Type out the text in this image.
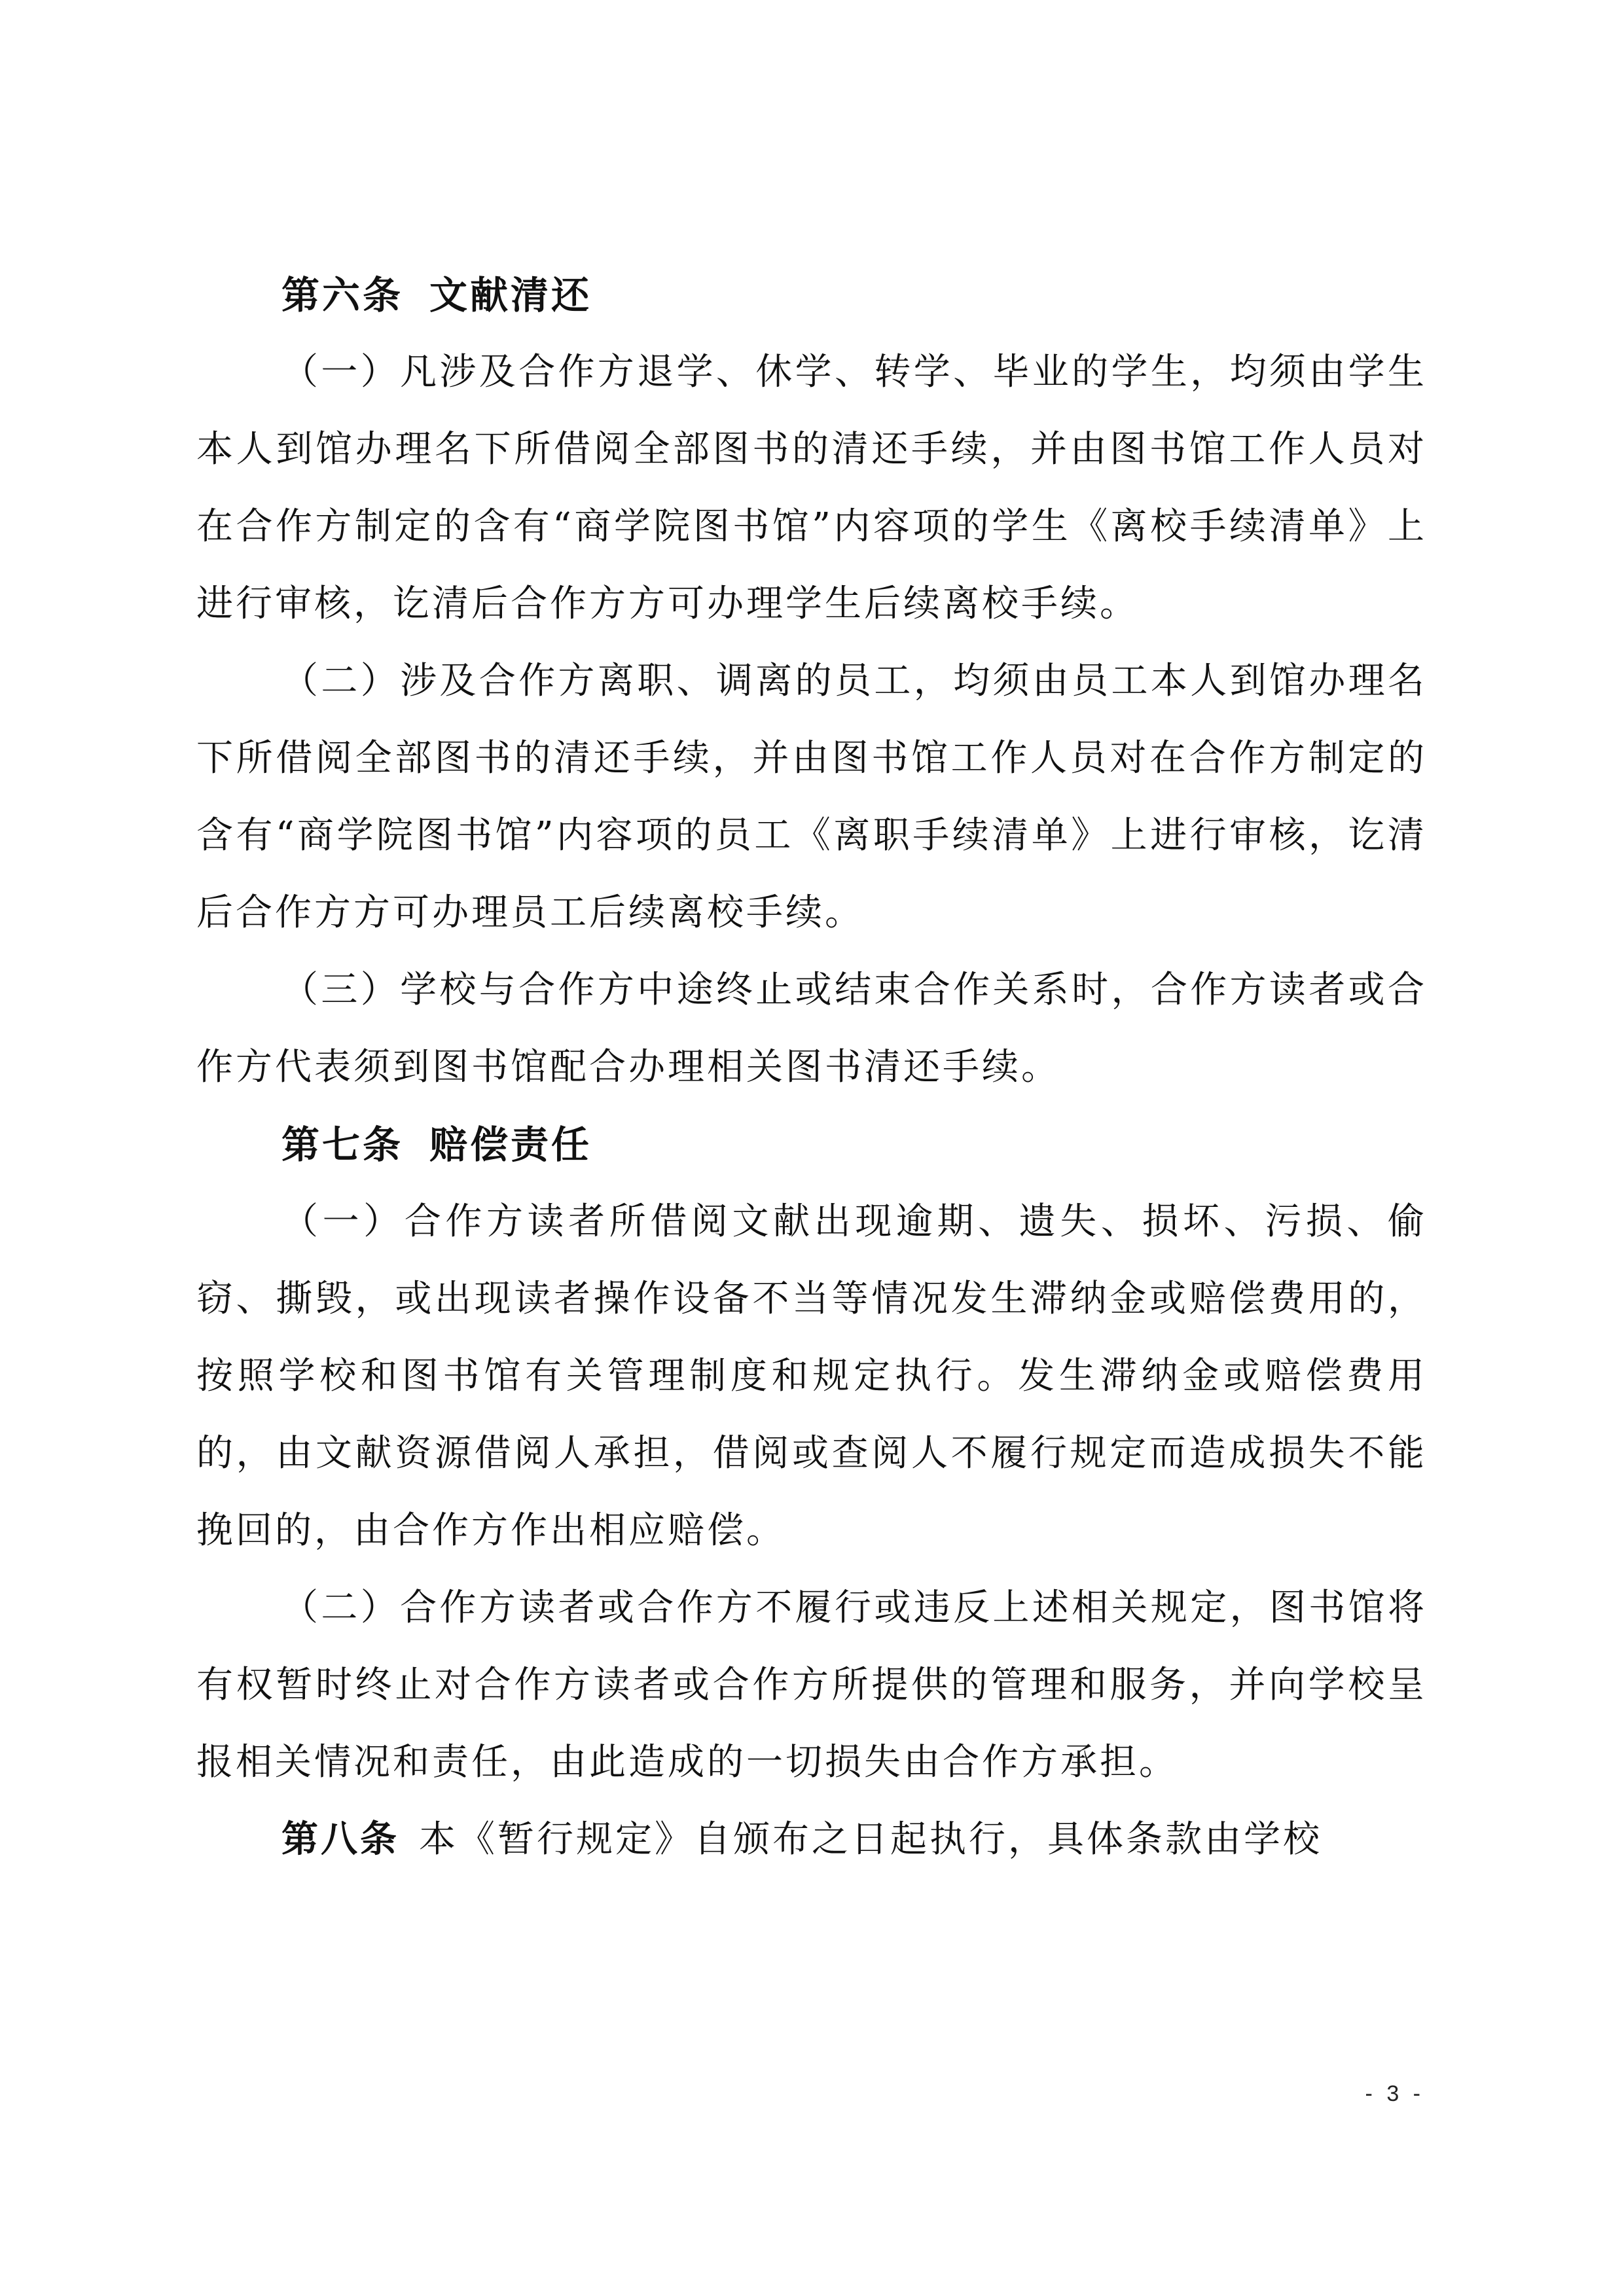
第六条 文献清还

（一）凡涉及合作方退学、休学、转学、毕业的学生，均须由学生本人到馆办理名下所借阅全部图书的清还手续，并由图书馆工作人员对在合作方制定的含有“商学院图书馆”内容项的学生《离校手续清单》上进行审核，讫清后合作方方可办理学生后续离校手续。

（二）涉及合作方离职、调离的员工，均须由员工本人到馆办理名下所借阅全部图书的清还手续，并由图书馆工作人员对在合作方制定的含有“商学院图书馆”内容项的员工《离职手续清单》上进行审核，讫清后合作方方可办理员工后续离校手续。

（三）学校与合作方中途终止或结束合作关系时，合作方读者或合作方代表须到图书馆配合办理相关图书清还手续。

第七条 赔偿责任

（一）合作方读者所借阅文献出现逾期、遗失、损坏、污损、偷窃、撕毁，或出现读者操作设备不当等情况发生滞纳金或赔偿费用的，按照学校和图书馆有关管理制度和规定执行。发生滞纳金或赔偿费用的，由文献资源借阅人承担，借阅或查阅人不履行规定而造成损失不能挽回的，由合作方作出相应赔偿。

（二）合作方读者或合作方不履行或违反上述相关规定，图书馆将有权暂时终止对合作方读者或合作方所提供的管理和服务，并向学校呈报相关情况和责任，由此造成的一切损失由合作方承担。

第八条 本《暂行规定》自颁布之日起执行，具体条款由学校

- 3 -
